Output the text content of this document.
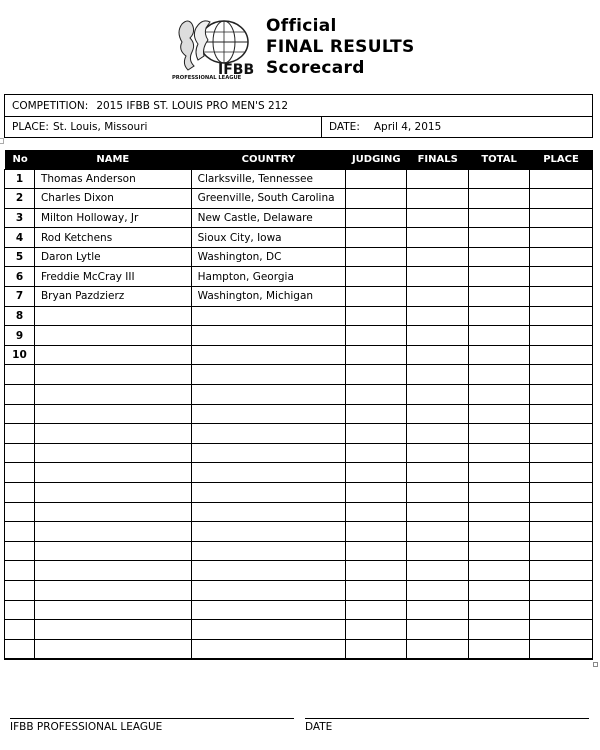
IFBB
PROFESSIONAL LEAGUE
Official
FINAL RESULTS
Scorecard
COMPETITION: 2015 IFBB ST. LOUIS PRO MEN'S 212
PLACE: St. Louis, Missouri	DATE: April 4, 2015
No	NAME	COUNTRY	JUDGING	FINALS	TOTAL	PLACE
1	Thomas Anderson	Clarksville, Tennessee				
2	Charles Dixon	Greenville, South Carolina				
3	Milton Holloway, Jr	New Castle, Delaware				
4	Rod Ketchens	Sioux City, Iowa				
5	Daron Lytle	Washington, DC				
6	Freddie McCray III	Hampton, Georgia				
7	Bryan Pazdzierz	Washington, Michigan				
8						
9						
10						

IFBB PROFESSIONAL LEAGUE	DATE
